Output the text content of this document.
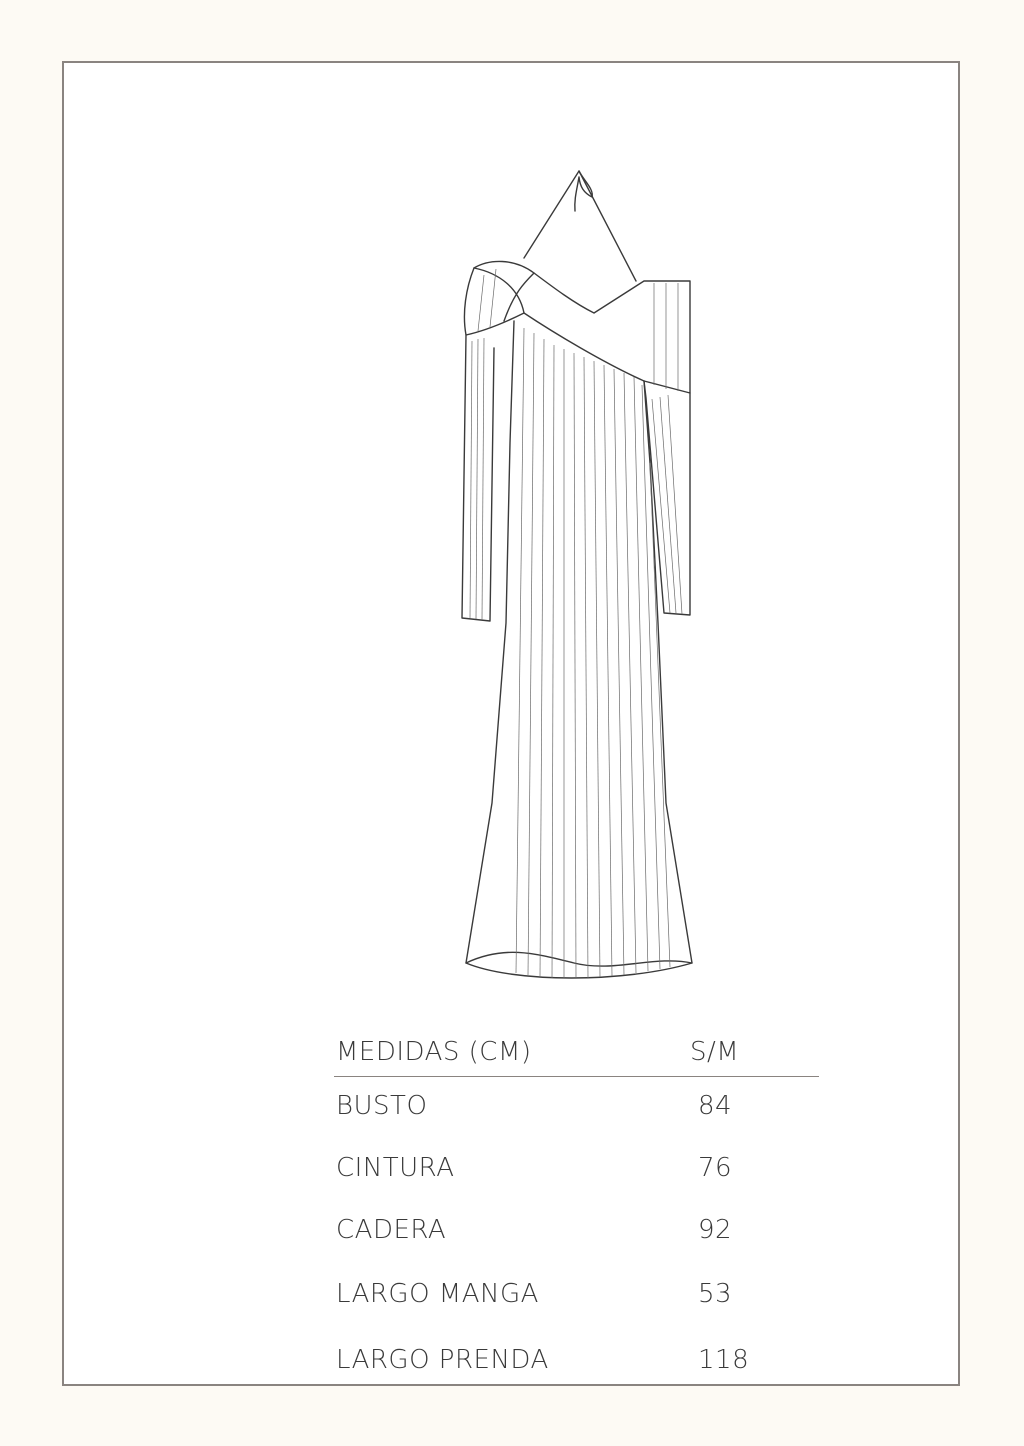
MEDIDAS (CM)	S/M
BUSTO	84
CINTURA	76
CADERA	92
LARGO MANGA	53
LARGO PRENDA	118
